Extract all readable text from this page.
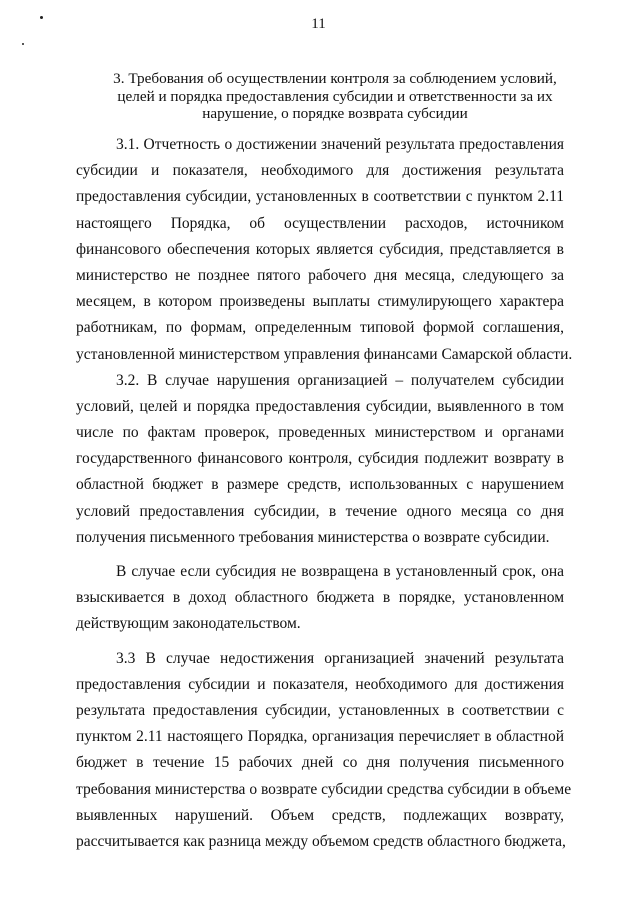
11
3. Требования об осуществлении контроля за соблюдением условий,
целей и порядка предоставления субсидии и ответственности за их
нарушение, о порядке возврата субсидии
3.1. Отчетность о достижении значений результата предоставления
субсидии и показателя, необходимого для достижения результата
предоставления субсидии, установленных в соответствии с пунктом 2.11
настоящего Порядка, об осуществлении расходов, источником
финансового обеспечения которых является субсидия, представляется в
министерство не позднее пятого рабочего дня месяца, следующего за
месяцем, в котором произведены выплаты стимулирующего характера
работникам, по формам, определенным типовой формой соглашения,
установленной министерством управления финансами Самарской области.
3.2. В случае нарушения организацией – получателем субсидии
условий, целей и порядка предоставления субсидии, выявленного в том
числе по фактам проверок, проведенных министерством и органами
государственного финансового контроля, субсидия подлежит возврату в
областной бюджет в размере средств, использованных с нарушением
условий предоставления субсидии, в течение одного месяца со дня
получения письменного требования министерства о возврате субсидии.
В случае если субсидия не возвращена в установленный срок, она
взыскивается в доход областного бюджета в порядке, установленном
действующим законодательством.
3.3 В случае недостижения организацией значений результата
предоставления субсидии и показателя, необходимого для достижения
результата предоставления субсидии, установленных в соответствии с
пунктом 2.11 настоящего Порядка, организация перечисляет в областной
бюджет в течение 15 рабочих дней со дня получения письменного
требования министерства о возврате субсидии средства субсидии в объеме
выявленных нарушений. Объем средств, подлежащих возврату,
рассчитывается как разница между объемом средств областного бюджета,
